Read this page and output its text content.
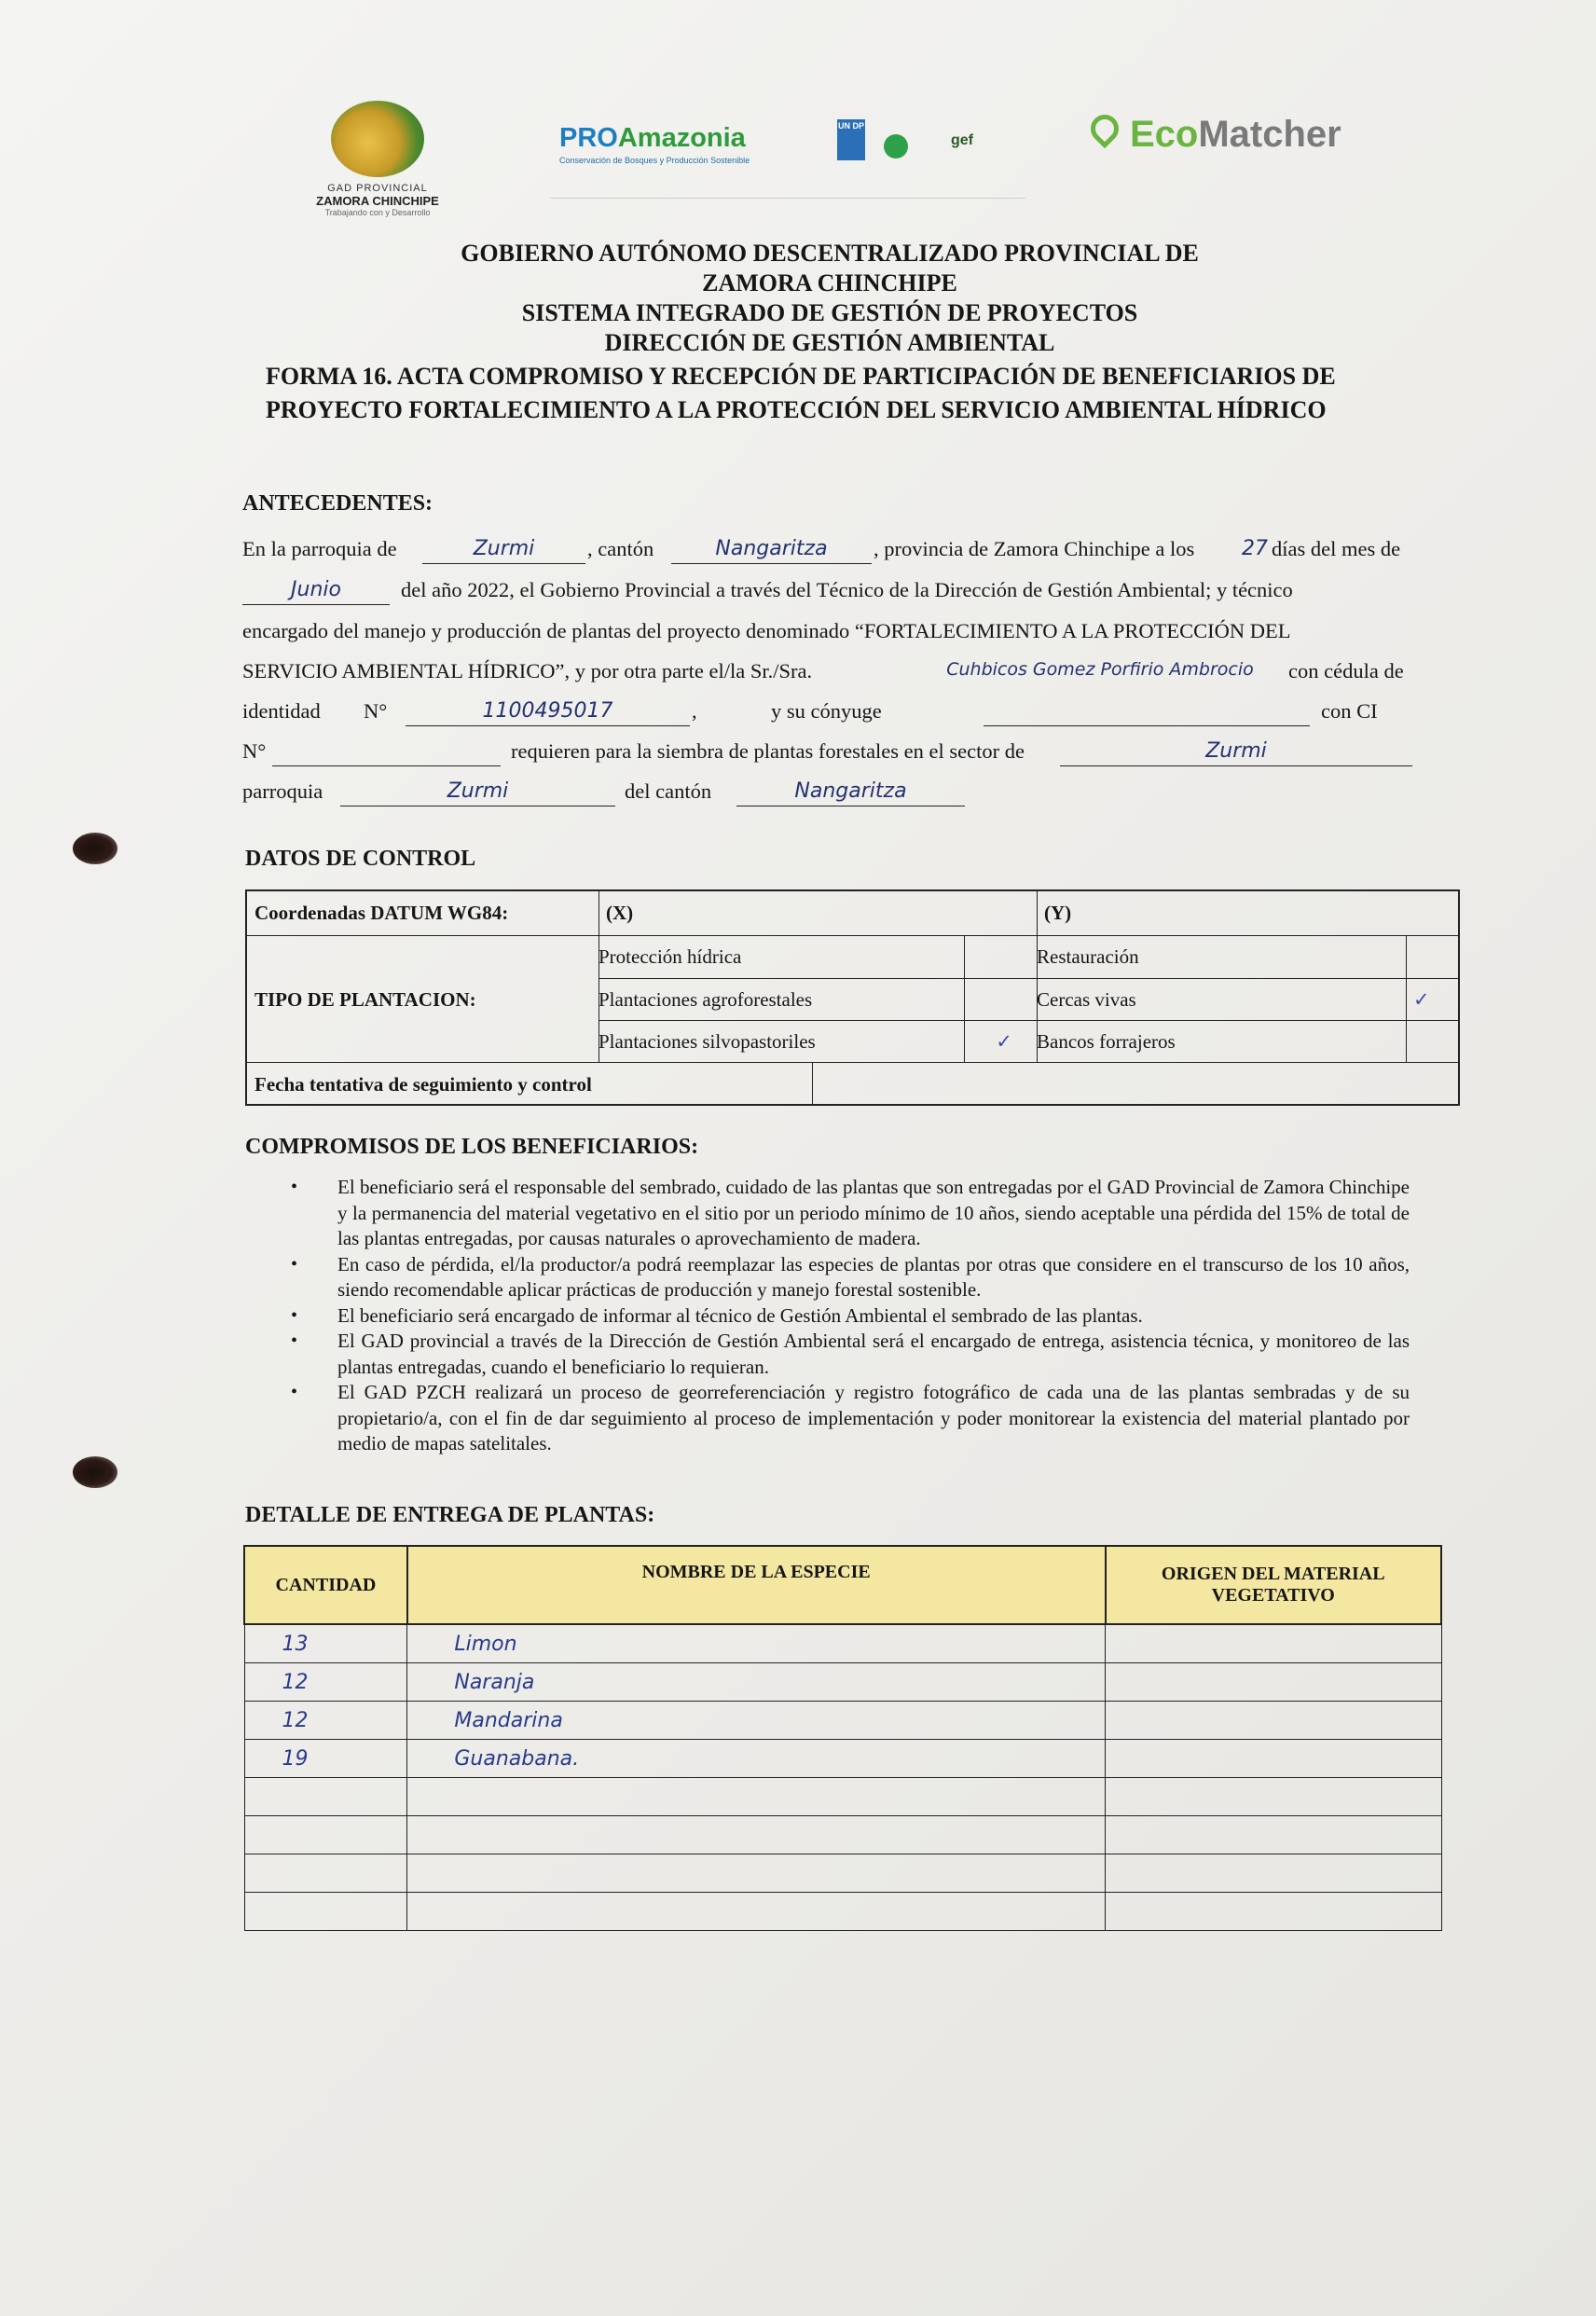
GAD PROVINCIAL
ZAMORA CHINCHIPE
Trabajando con y Desarrollo
PROAmazonia
Conservación de Bosques y Producción Sostenible
UN DP
gef	EcoMatcher
GOBIERNO AUTÓNOMO DESCENTRALIZADO PROVINCIAL DE
ZAMORA CHINCHIPE
SISTEMA INTEGRADO DE GESTIÓN DE PROYECTOS
DIRECCIÓN DE GESTIÓN AMBIENTAL
FORMA 16. ACTA COMPROMISO Y RECEPCIÓN DE PARTICIPACIÓN DE BENEFICIARIOS DE PROYECTO FORTALECIMIENTO A LA PROTECCIÓN DEL SERVICIO AMBIENTAL HÍDRICO
ANTECEDENTES:
En la parroquia de	Zurmi	, cantón	Nangaritza	, provincia de Zamora Chinchipe a los 27 días del mes de
Junio	del año 2022, el Gobierno Provincial a través del Técnico de la Dirección de Gestión Ambiental; y técnico
encargado del manejo y producción de plantas del proyecto denominado “FORTALECIMIENTO A LA PROTECCIÓN DEL
SERVICIO AMBIENTAL HÍDRICO”, y por otra parte el/la Sr./Sra.	Cuhbicos Gomez Porfirio Ambrocio	con cédula de
identidad N°	1100495017	,	y su cónyuge	con CI
N°	requieren para la siembra de plantas forestales en el sector de	Zurmi
parroquia	Zurmi	del cantón	Nangaritza
DATOS DE CONTROL
Coordenadas DATUM WG84:	(X)	(Y)
TIPO DE PLANTACION:
Protección hídrica	Restauración
Plantaciones agroforestales	Cercas vivas	✓
Plantaciones silvopastoriles	✓	Bancos forrajeros
Fecha tentativa de seguimiento y control
COMPROMISOS DE LOS BENEFICIARIOS:
• El beneficiario será el responsable del sembrado, cuidado de las plantas que son entregadas por el GAD Provincial de Zamora Chinchipe y la permanencia del material vegetativo en el sitio por un periodo mínimo de 10 años, siendo aceptable una pérdida del 15% de total de las plantas entregadas, por causas naturales o aprovechamiento de madera.
• En caso de pérdida, el/la productor/a podrá reemplazar las especies de plantas por otras que considere en el transcurso de los 10 años, siendo recomendable aplicar prácticas de producción y manejo forestal sostenible.
• El beneficiario será encargado de informar al técnico de Gestión Ambiental el sembrado de las plantas.
• El GAD provincial a través de la Dirección de Gestión Ambiental será el encargado de entrega, asistencia técnica, y monitoreo de las plantas entregadas, cuando el beneficiario lo requieran.
• El GAD PZCH realizará un proceso de georreferenciación y registro fotográfico de cada una de las plantas sembradas y de su propietario/a, con el fin de dar seguimiento al proceso de implementación y poder monitorear la existencia del material plantado por medio de mapas satelitales.
DETALLE DE ENTREGA DE PLANTAS:
CANTIDAD	NOMBRE DE LA ESPECIE	ORIGEN DEL MATERIAL VEGETATIVO
13	Limon	
12	Naranja	
12	Mandarina	
19	Guanabana.	
